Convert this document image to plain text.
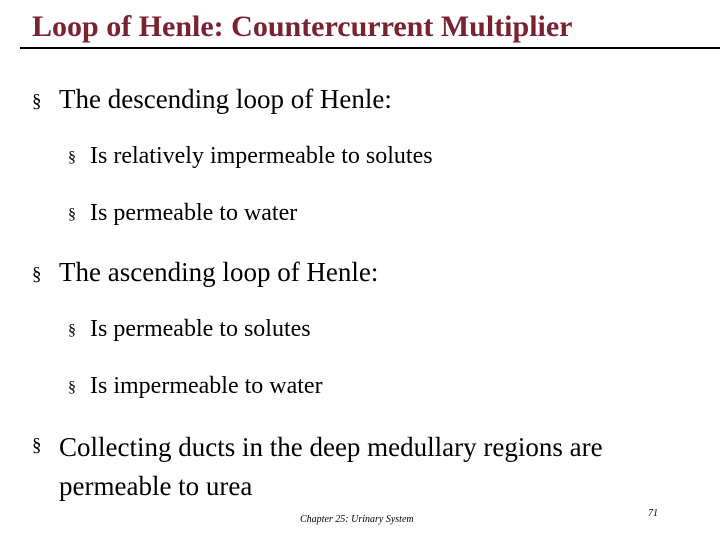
Loop of Henle: Countercurrent Multiplier
§ The descending loop of Henle:
§ Is relatively impermeable to solutes
§ Is permeable to water
§ The ascending loop of Henle:
§ Is permeable to solutes
§ Is impermeable to water
§ Collecting ducts in the deep medullary regions are permeable to urea
Chapter 25: Urinary System
71
